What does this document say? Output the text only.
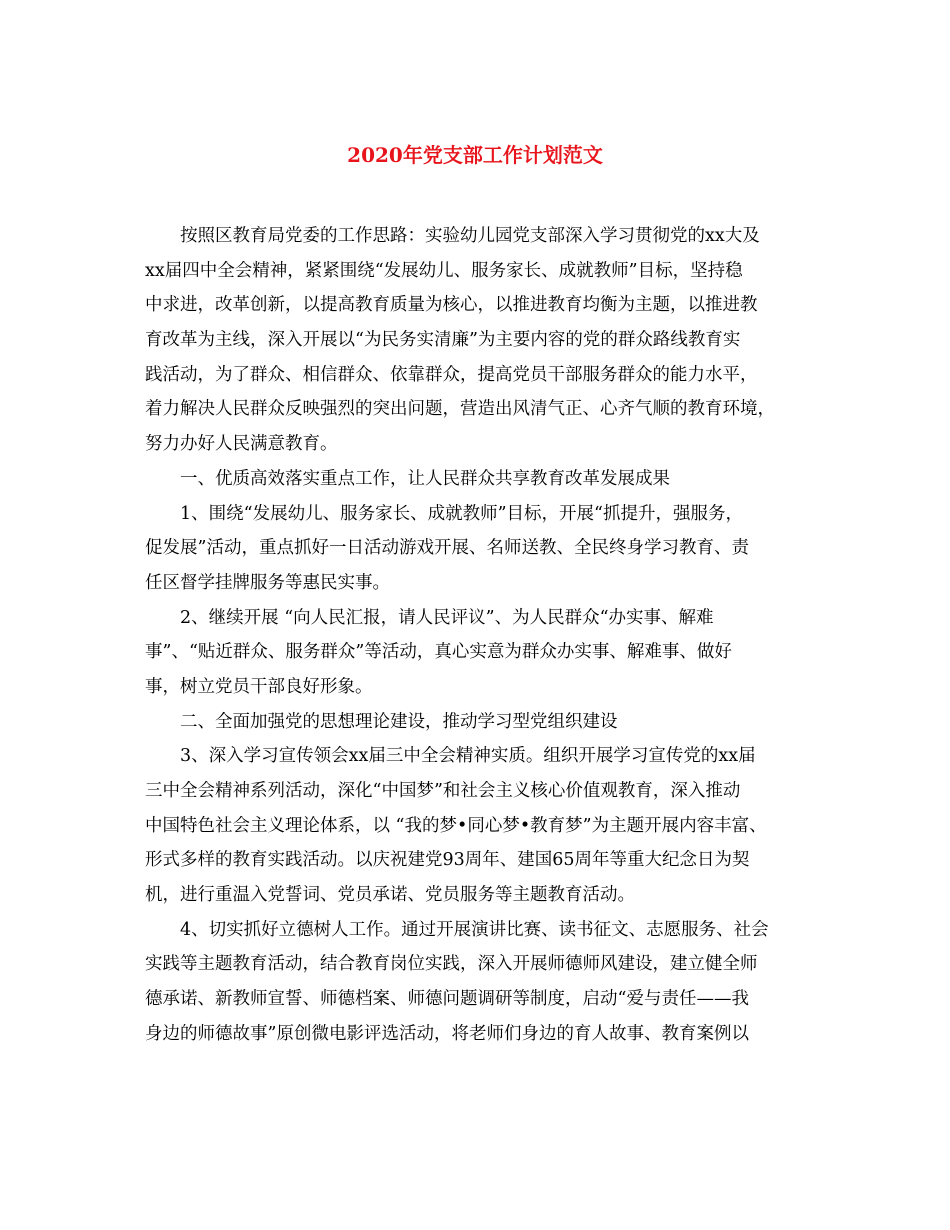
2020年党支部工作计划范文
按照区教育局党委的工作思路：实验幼儿园党支部深入学习贯彻党的xx大及
xx届四中全会精神，紧紧围绕“发展幼儿、服务家长、成就教师”目标，坚持稳
中求进，改革创新，以提高教育质量为核心，以推进教育均衡为主题，以推进教
育改革为主线，深入开展以“为民务实清廉”为主要内容的党的群众路线教育实
践活动，为了群众、相信群众、依靠群众，提高党员干部服务群众的能力水平，
着力解决人民群众反映强烈的突出问题，营造出风清气正、心齐气顺的教育环境，
努力办好人民满意教育。
一、优质高效落实重点工作，让人民群众共享教育改革发展成果
1、围绕“发展幼儿、服务家长、成就教师”目标，开展“抓提升，强服务，
促发展”活动，重点抓好一日活动游戏开展、名师送教、全民终身学习教育、责
任区督学挂牌服务等惠民实事。
2、继续开展 “向人民汇报，请人民评议”、为人民群众“办实事、解难
事”、“贴近群众、服务群众”等活动，真心实意为群众办实事、解难事、做好
事，树立党员干部良好形象。
二、全面加强党的思想理论建设，推动学习型党组织建设
3、深入学习宣传领会xx届三中全会精神实质。组织开展学习宣传党的xx届
三中全会精神系列活动，深化“中国梦”和社会主义核心价值观教育，深入推动
中国特色社会主义理论体系，以 “我的梦•同心梦•教育梦”为主题开展内容丰富、
形式多样的教育实践活动。以庆祝建党93周年、建国65周年等重大纪念日为契
机，进行重温入党誓词、党员承诺、党员服务等主题教育活动。
4、切实抓好立德树人工作。通过开展演讲比赛、读书征文、志愿服务、社会
实践等主题教育活动，结合教育岗位实践，深入开展师德师风建设，建立健全师
德承诺、新教师宣誓、师德档案、师德问题调研等制度，启动“爱与责任——我
身边的师德故事”原创微电影评选活动，将老师们身边的育人故事、教育案例以
